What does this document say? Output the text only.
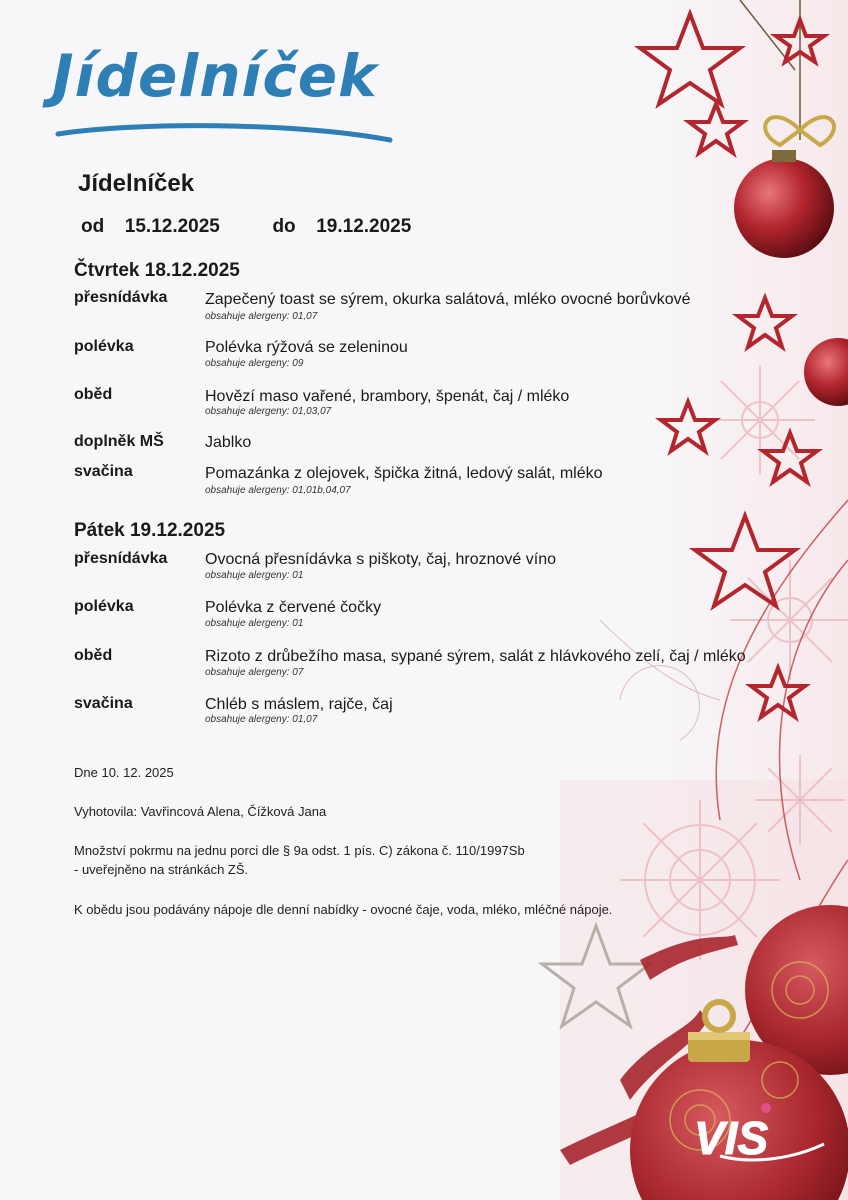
Jídelníček
Jídelníček
od 15.12.2025	do 19.12.2025
Čtvrtek 18.12.2025
přesnídávka Zapečený toast se sýrem, okurka salátová, mléko ovocné borůvkové
obsahuje alergeny: 01,07
polévka	Polévka rýžová se zeleninou
obsahuje alergeny: 09
oběd	Hovězí maso vařené, brambory, špenát, čaj / mléko
obsahuje alergeny: 01,03,07
doplněk MŠ	Jablko
svačina	Pomazánka z olejovek, špička žitná, ledový salát, mléko
obsahuje alergeny: 01,01b,04,07
Pátek 19.12.2025
přesnídávka Ovocná přesnídávka s piškoty, čaj, hroznové víno
obsahuje alergeny: 01
polévka	Polévka z červené čočky
obsahuje alergeny: 01
oběd	Rizoto z drůbežího masa, sypané sýrem, salát z hlávkového zelí, čaj / mléko
obsahuje alergeny: 07
svačina	Chléb s máslem, rajče, čaj
obsahuje alergeny: 01,07
Dne 10. 12. 2025
Vyhotovila: Vavřincová Alena, Čížková Jana
Množství pokrmu na jednu porci dle § 9a odst. 1 pís. C) zákona č. 110/1997Sb
- uveřejněno na stránkách ZŠ.
K obědu jsou podávány nápoje dle denní nabídky - ovocné čaje, voda, mléko, mléčné nápoje.
VIS
